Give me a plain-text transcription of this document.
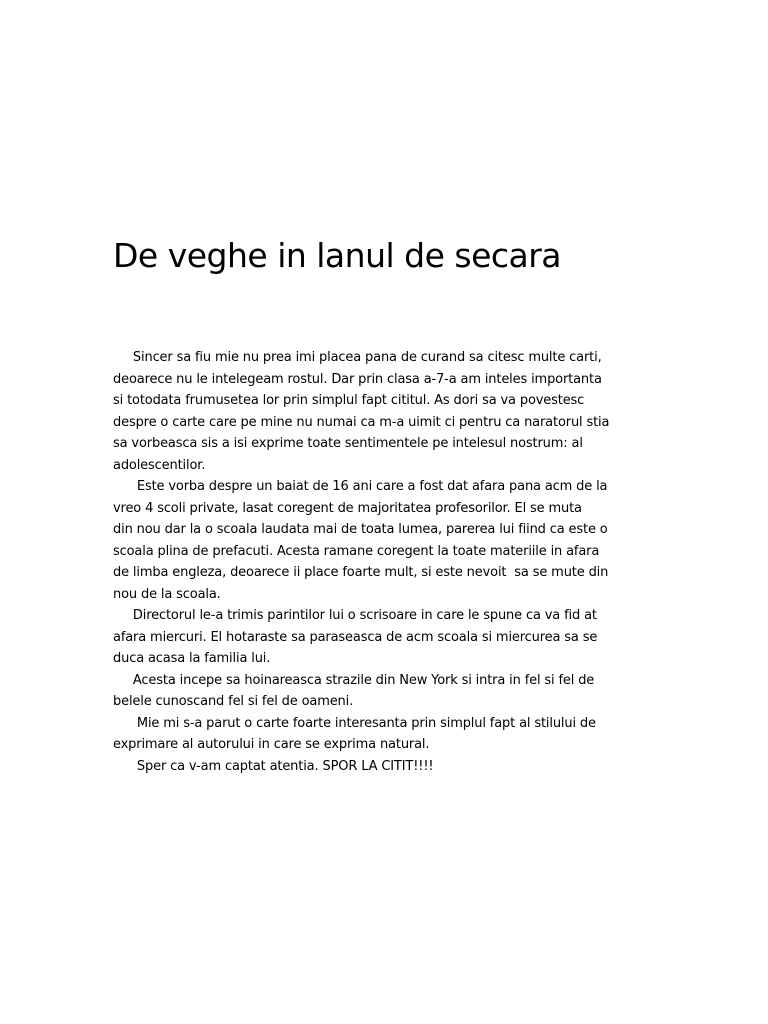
De veghe in lanul de secara
Sincer sa fiu mie nu prea imi placea pana de curand sa citesc multe carti,
deoarece nu le intelegeam rostul. Dar prin clasa a-7-a am inteles importanta
si totodata frumusetea lor prin simplul fapt cititul. As dori sa va povestesc
despre o carte care pe mine nu numai ca m-a uimit ci pentru ca naratorul stia
sa vorbeasca sis a isi exprime toate sentimentele pe intelesul nostrum: al
adolescentilor.
Este vorba despre un baiat de 16 ani care a fost dat afara pana acm de la
vreo 4 scoli private, lasat coregent de majoritatea profesorilor. El se muta
din nou dar la o scoala laudata mai de toata lumea, parerea lui fiind ca este o
scoala plina de prefacuti. Acesta ramane coregent la toate materiile in afara
de limba engleza, deoarece ii place foarte mult, si este nevoit  sa se mute din
nou de la scoala.
Directorul le-a trimis parintilor lui o scrisoare in care le spune ca va fid at
afara miercuri. El hotaraste sa paraseasca de acm scoala si miercurea sa se
duca acasa la familia lui.
Acesta incepe sa hoinareasca strazile din New York si intra in fel si fel de
belele cunoscand fel si fel de oameni.
Mie mi s-a parut o carte foarte interesanta prin simplul fapt al stilului de
exprimare al autorului in care se exprima natural.
Sper ca v-am captat atentia. SPOR LA CITIT!!!!
